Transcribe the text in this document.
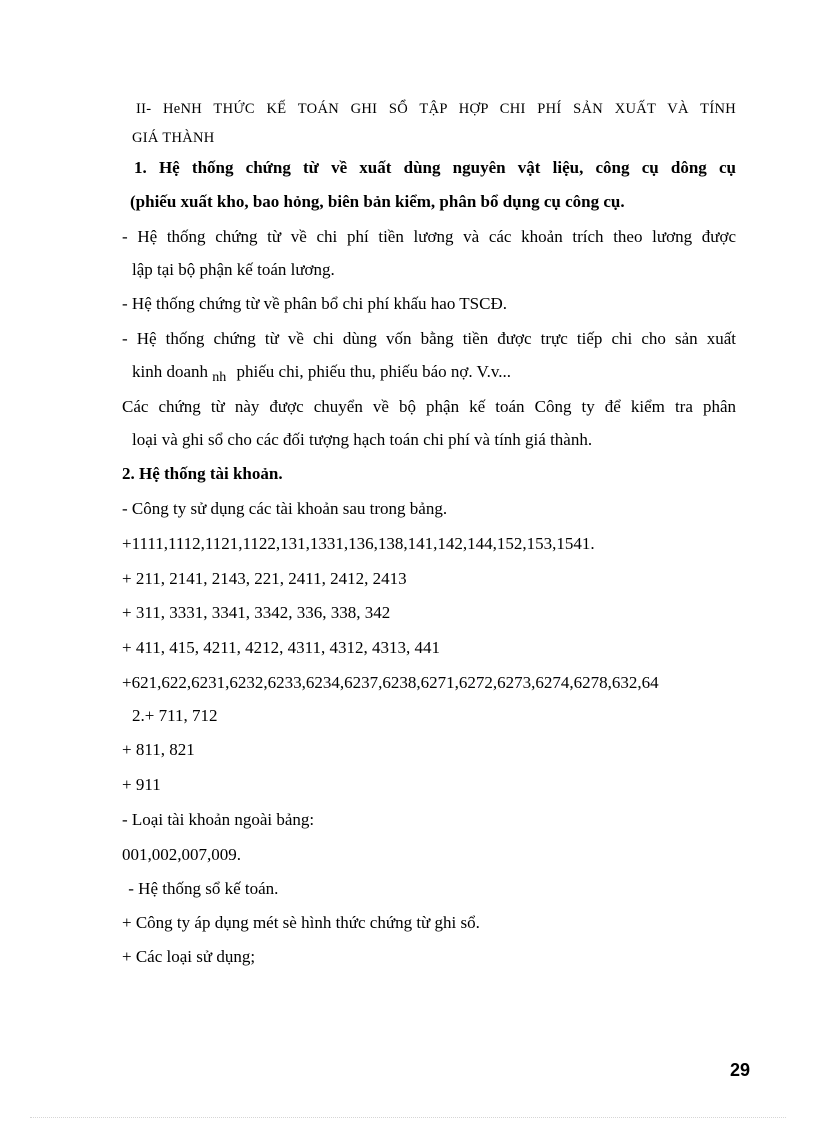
II- HeNH THỨC KẾ TOÁN GHI SỔ TẬP HỢP CHI PHÍ SẢN XUẤT VÀ TÍNH
GIÁ THÀNH
1. Hệ thống chứng từ về xuất dùng nguyên vật liệu, công cụ dông cụ
(phiếu xuất kho, bao hỏng, biên bản kiểm, phân bổ dụng cụ công cụ.
- Hệ thống chứng từ về chi phí tiền lương và các khoản trích theo lương được
lập tại bộ phận kế toán lương.
- Hệ thống chứng từ về phân bổ chi phí khấu hao TSCĐ.
- Hệ thống chứng từ về chi dùng vốn bằng tiền được trực tiếp chi cho sản xuất
kinh doanh $_{nh}$ phiếu chi, phiếu thu, phiếu báo nợ. V.v...
Các chứng từ này được chuyển về bộ phận kế toán Công ty để kiểm tra phân
loại và ghi sổ cho các đối tượng hạch toán chi phí và tính giá thành.
2. Hệ thống tài khoản.
- Công ty sử dụng các tài khoản sau trong bảng.
+1111,1112,1121,1122,131,1331,136,138,141,142,144,152,153,1541.
+ 211, 2141, 2143, 221, 2411, 2412, 2413
+ 311, 3331, 3341, 3342, 336, 338, 342
+ 411, 415, 4211, 4212, 4311, 4312, 4313, 441
+621,622,6231,6232,6233,6234,6237,6238,6271,6272,6273,6274,6278,632,64
2.+ 711, 712
+ 811, 821
+ 911
- Loại tài khoản ngoài bảng:
001,002,007,009.
- Hệ thống sổ kế toán.
+ Công ty áp dụng mét sè hình thức chứng từ ghi sổ.
+ Các loại sử dụng;
29
